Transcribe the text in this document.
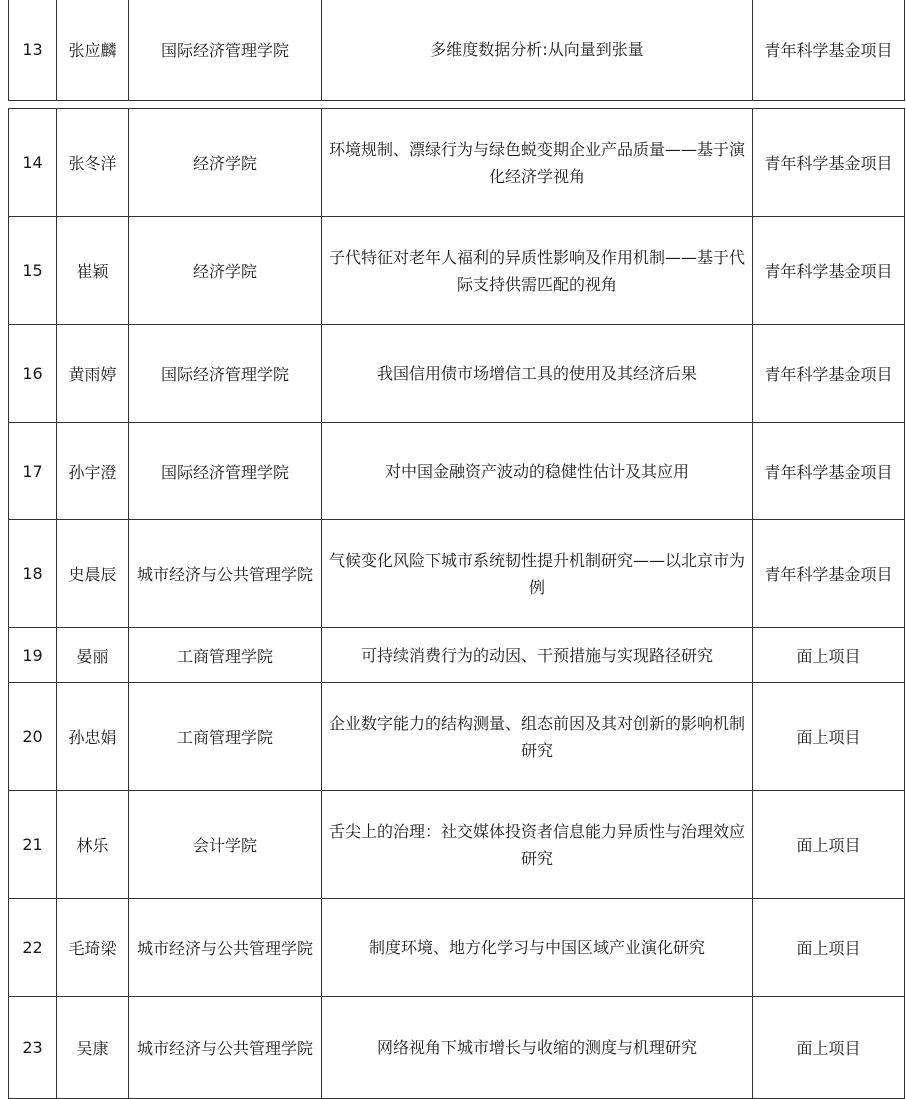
13	张应麟	国际经济管理学院	多维度数据分析:从向量到张量	青年科学基金项目
14	张冬洋	经济学院	环境规制、漂绿行为与绿色蜕变期企业产品质量——基于演化经济学视角	青年科学基金项目
15	崔颖	经济学院	子代特征对老年人福利的异质性影响及作用机制——基于代际支持供需匹配的视角	青年科学基金项目
16	黄雨婷	国际经济管理学院	我国信用债市场增信工具的使用及其经济后果	青年科学基金项目
17	孙宇澄	国际经济管理学院	对中国金融资产波动的稳健性估计及其应用	青年科学基金项目
18	史晨辰	城市经济与公共管理学院	气候变化风险下城市系统韧性提升机制研究——以北京市为例	青年科学基金项目
19	晏丽	工商管理学院	可持续消费行为的动因、干预措施与实现路径研究	面上项目
20	孙忠娟	工商管理学院	企业数字能力的结构测量、组态前因及其对创新的影响机制研究	面上项目
21	林乐	会计学院	舌尖上的治理：社交媒体投资者信息能力异质性与治理效应研究	面上项目
22	毛琦梁	城市经济与公共管理学院	制度环境、地方化学习与中国区域产业演化研究	面上项目
23	吴康	城市经济与公共管理学院	网络视角下城市增长与收缩的测度与机理研究	面上项目
